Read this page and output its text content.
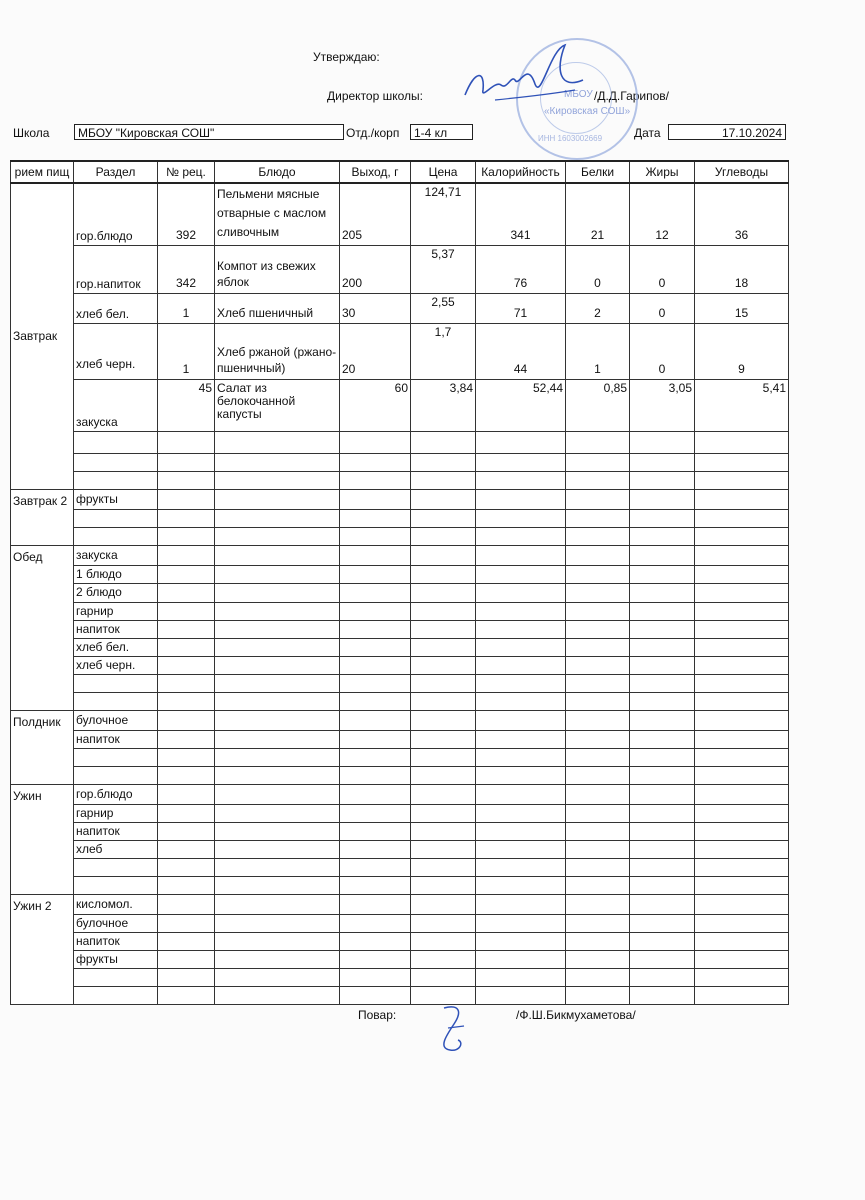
Утверждаю:
Директор школы:	/Д.Д.Гарипов/
Школа	МБОУ "Кировская СОШ"	Отд./корп	1-4 кл	Дата	17.10.2024
МБОУ
«Кировская СОШ»
ИНН 1603002669
рием пищ	Раздел	№ рец.	Блюдо	Выход, г	Цена	Калорийность	Белки	Жиры	Углеводы
Завтрак	гор.блюдо	392	Пельмени мясные отварные с маслом сливочным	205	124,71	341	21	12	36
	гор.напиток	342	Компот из свежих яблок	200	5,37	76	0	0	18
	хлеб бел.	1	Хлеб пшеничный	30	2,55	71	2	0	15
	хлеб черн.	1	Хлеб ржаной (ржано-пшеничный)	20	1,7	44	1	0	9
	закуска	45	Салат из белокочанной капусты	60	3,84	52,44	0,85	3,05	5,41

Завтрак 2	фрукты								

Обед	закуска								
	1 блюдо								
	2 блюдо								
	гарнир								
	напиток								
	хлеб бел.								
	хлеб черн.								

Полдник	булочное								
	напиток								

Ужин	гор.блюдо								
	гарнир								
	напиток								
	хлеб								

Ужин 2	кисломол.								
	булочное								
	напиток								
	фрукты								

Повар:	/Ф.Ш.Бикмухаметова/
